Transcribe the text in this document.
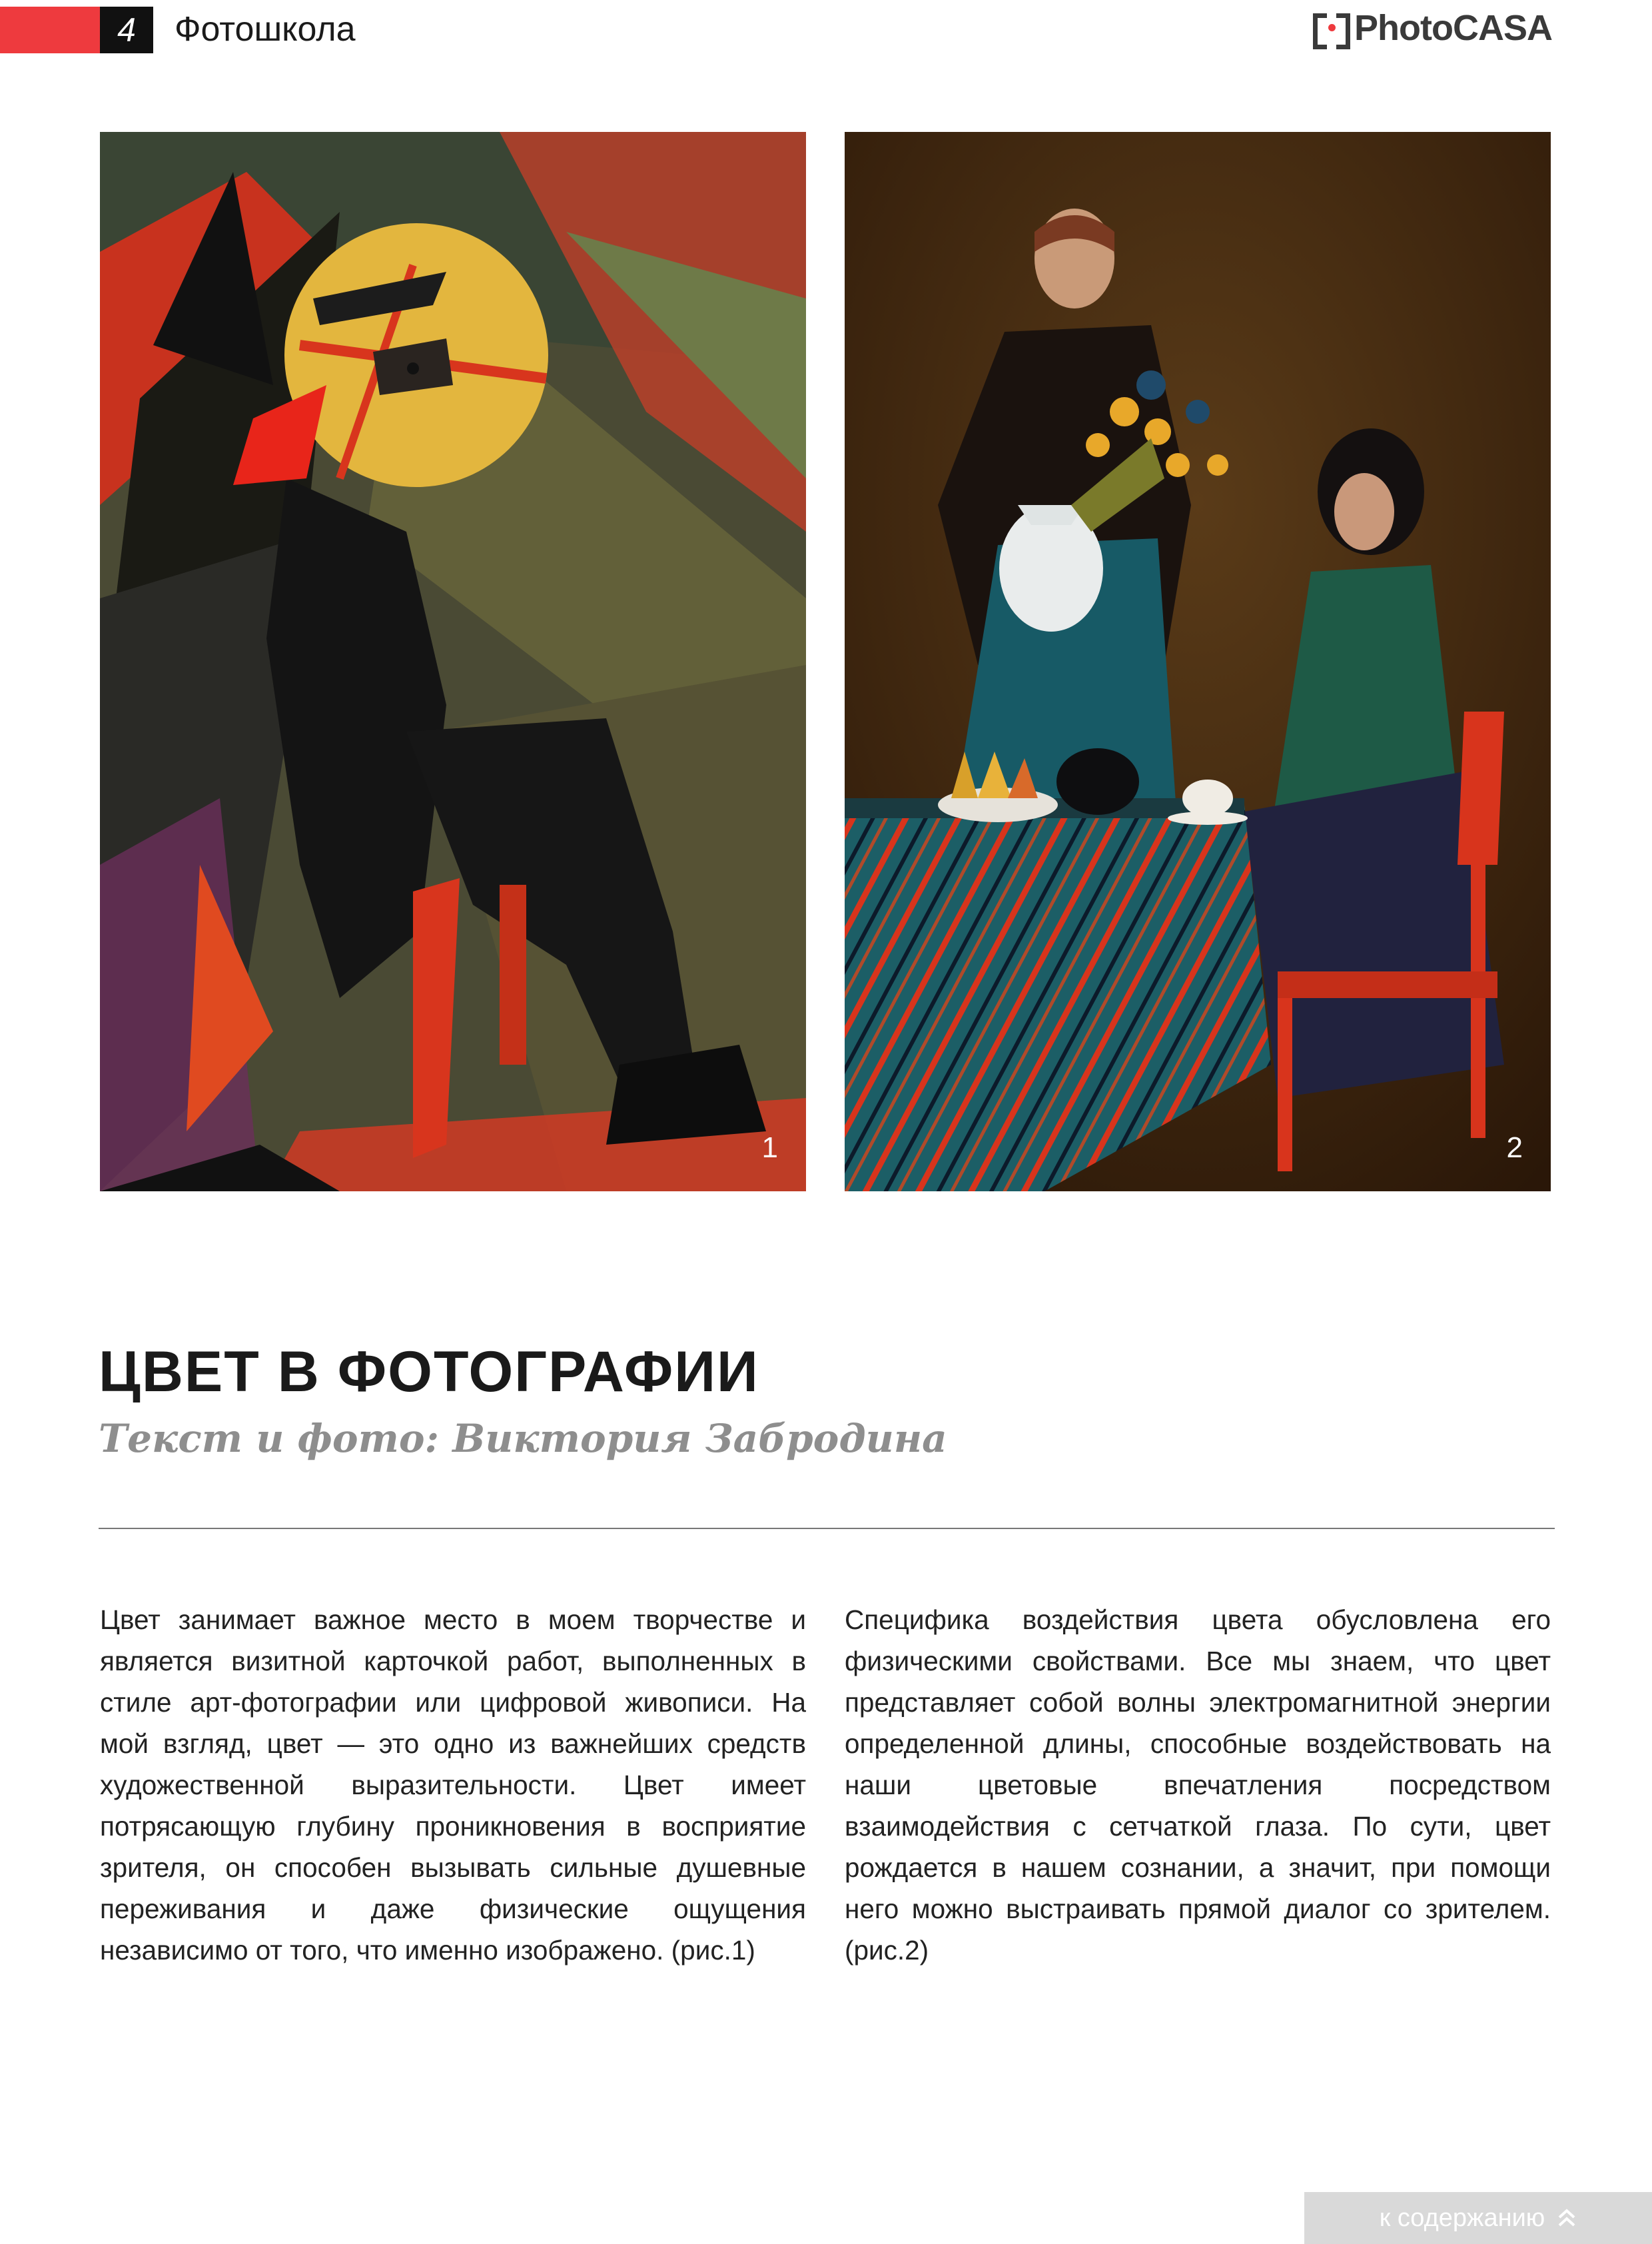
4	Фотошкола	PhotoCASA
1	2
ЦВЕТ В ФОТОГРАФИИ
Текст и фото: Виктория Забродина
Цвет занимает важное место в моем творчестве и является визитной карточкой работ, выполненных в стиле арт-фотографии или цифровой живописи. На мой взгляд, цвет — это одно из важнейших средств художественной выразительности. Цвет имеет потрясающую глубину проникновения в восприятие зрителя, он способен вызывать сильные душевные переживания и даже физические ощущения независимо от того, что именно изображено. (рис.1)
Специфика воздействия цвета обусловлена его физическими свойствами. Все мы знаем, что цвет представляет собой волны электромагнитной энергии определенной длины, способные воздействовать на наши цветовые впечатления посредством взаимодействия с сетчаткой глаза. По сути, цвет рождается в нашем сознании, а значит, при помощи него можно выстраивать прямой диалог со зрителем. (рис.2)
к содержанию
